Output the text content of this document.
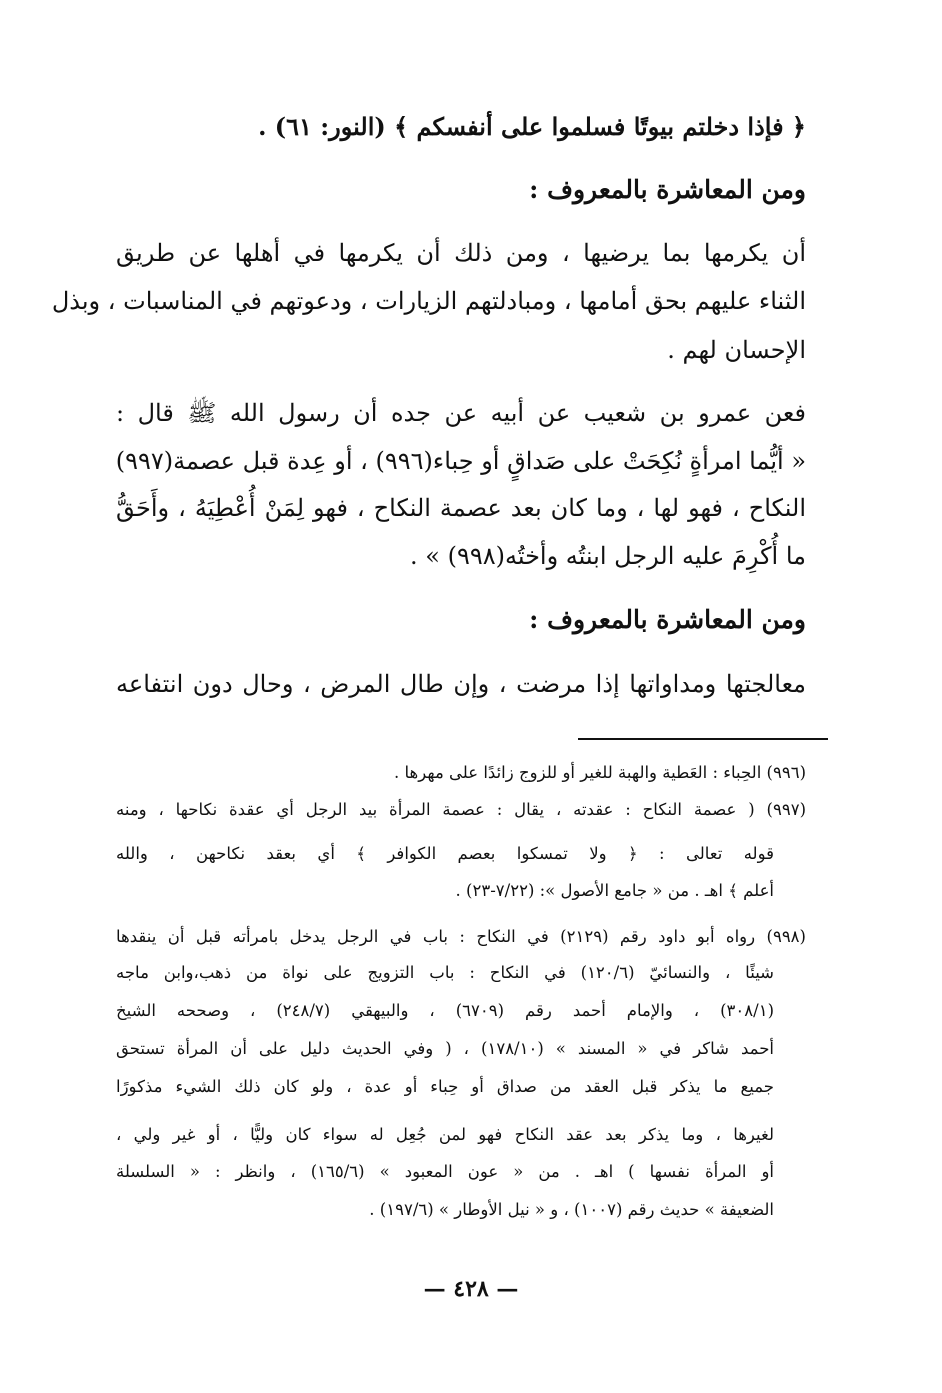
﴿ فإذا دخلتم بيوتًا فسلموا على أنفسكم ﴾ (النور: ٦١) .
ومن المعاشرة بالمعروف :
أن يكرمها بما يرضيها ، ومن ذلك أن يكرمها في أهلها عن طريق
الثناء عليهم بحق أمامها ، ومبادلتهم الزيارات ، ودعوتهم في المناسبات ، وبذل
الإحسان لهم .
فعن عمرو بن شعيب عن أبيه عن جده أن رسول الله ﷺ قال :
« أيُّما امرأةٍ نُكِحَتْ على صَداقٍ أو حِباء(٩٩٦) ، أو عِدة قبل عصمة(٩٩٧)
النكاح ، فهو لها ، وما كان بعد عصمة النكاح ، فهو لِمَنْ أُعْطِيَهُ ، وأَحَقُّ
ما أُكْرِمَ عليه الرجل ابنتُه وأختُه(٩٩٨) » .
ومن المعاشرة بالمعروف :
معالجتها ومداواتها إذا مرضت ، وإن طال المرض ، وحال دون انتفاعه
(٩٩٦) الحِباء : العَطية والهبة للغير أو للزوج زائدًا على مهرها .
(٩٩٧) ( عصمة النكاح : عقدته ، يقال : عصمة المرأة بيد الرجل أي عقدة نكاحها ، ومنه
قوله تعالى : ﴿ ولا تمسكوا بعصم الكوافر ﴾ أي بعقد نكاحهن ، والله
أعلم ﴾ اهـ . من « جامع الأصول »: (٧/٢٢-٢٣) .
(٩٩٨) رواه أبو داود رقم (٢١٢٩) في النكاح : باب في الرجل يدخل بامرأته قبل أن ينقدها
شيئًا ، والنسائيّ (١٢٠/٦) في النكاح : باب التزويج على نواة من ذهب،وابن ماجه
(٣٠٨/١) ، والإمام أحمد رقم (٦٧٠٩) ، والبيهقي (٢٤٨/٧) ، وصححه الشيخ
أحمد شاكر في « المسند » (١٧٨/١٠) ، ( وفي الحديث دليل على أن المرأة تستحق
جميع ما يذكر قبل العقد من صداق أو حِباء أو عدة ، ولو كان ذلك الشيء مذكورًا
لغيرها ، وما يذكر بعد عقد النكاح فهو لمن جُعِل له سواء كان وليًّا ، أو غير ولي ،
أو المرأة نفسها ) اهـ . من « عون المعبود » (١٦٥/٦) ، وانظر : « السلسلة
الضعيفة » حديث رقم (١٠٠٧) ، و « نيل الأوطار » (١٩٧/٦) .
— ٤٢٨ —
